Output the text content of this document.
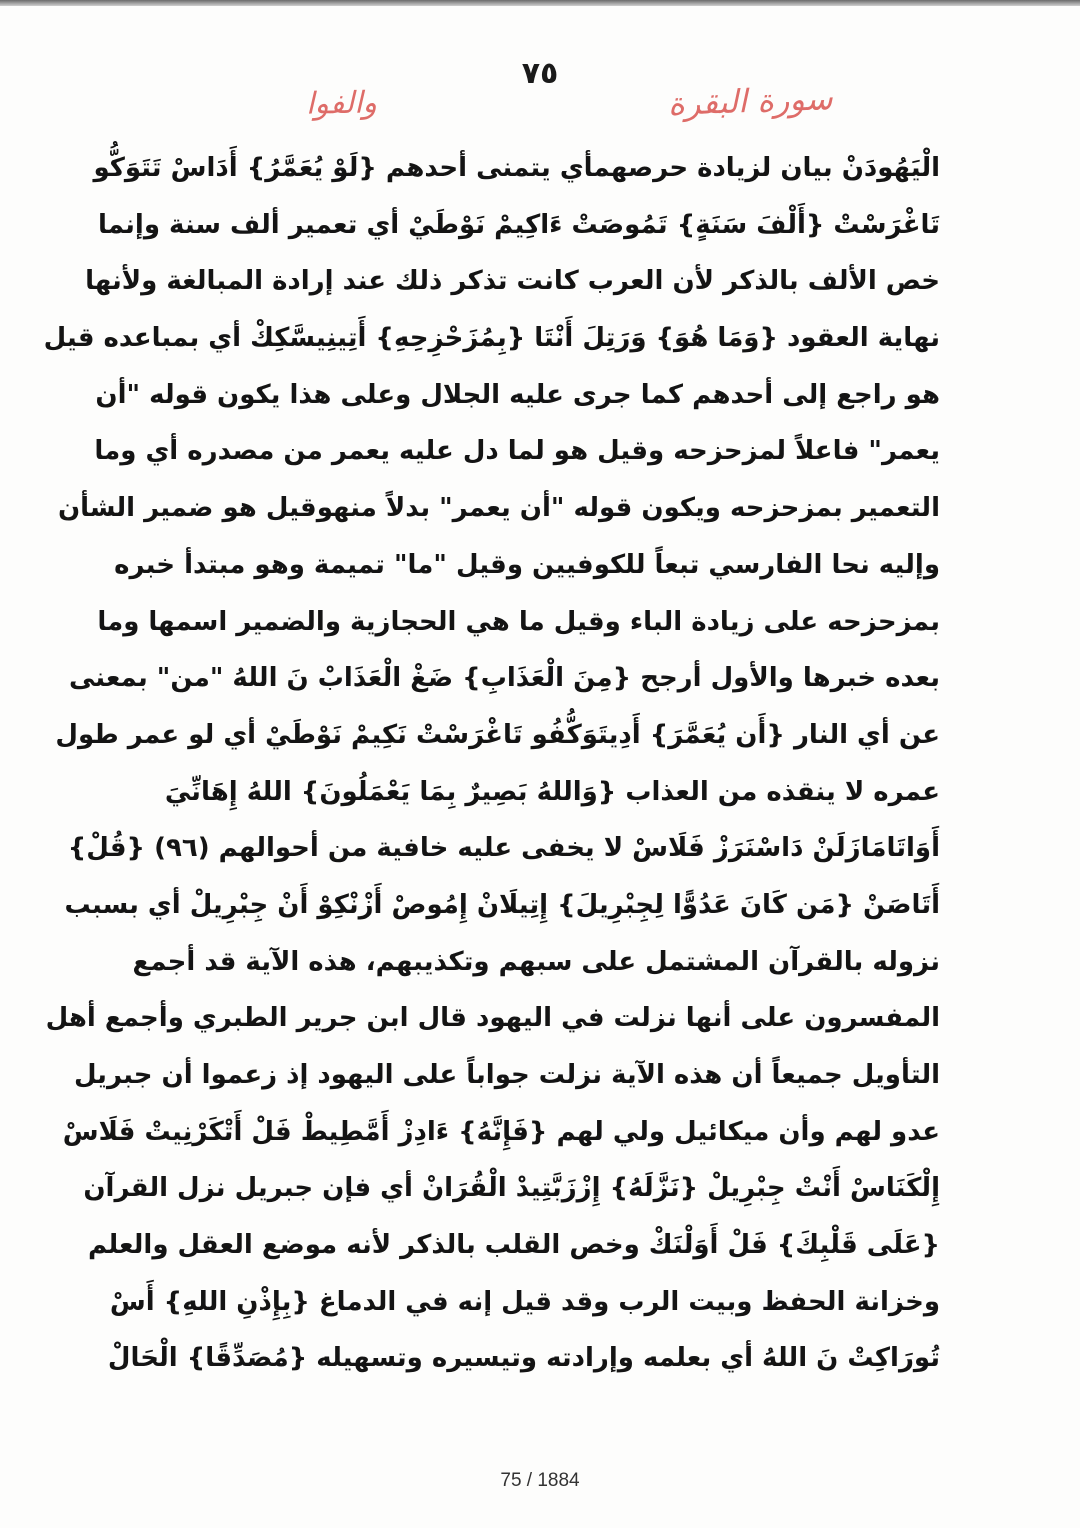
٧٥
سورة البقرة
والفوا
الْيَهُودَنْ بيان لزيادة حرصهمأي يتمنى أحدهم {لَوْ يُعَمَّرُ} أَدَاسْ تَتَوَكُّو
تَاغْرَسْتْ {أَلْفَ سَنَةٍ} تَمُوصَتْ ءَاكِيمْ نَوْطَيْ أي تعمير ألف سنة وإنما
خص الألف بالذكر لأن العرب كانت تذكر ذلك عند إرادة المبالغة ولأنها
نهاية العقود {وَمَا هُوَ} وَرَتِلَ أَنْتَا {بِمُزَحْزِحِهِ} أَتِينِيسَّكِكْ أي بمباعده قيل
هو راجع إلى أحدهم كما جرى عليه الجلال وعلى هذا يكون قوله "أن
يعمر" فاعلاً لمزحزحه وقيل هو لما دل عليه يعمر من مصدره أي وما
التعمير بمزحزحه ويكون قوله "أن يعمر" بدلاً منهوقيل هو ضمير الشأن
وإليه نحا الفارسي تبعاً للكوفيين وقيل "ما" تميمة وهو مبتدأ خبره
بمزحزحه على زيادة الباء وقيل ما هي الحجازية والضمير اسمها وما
بعده خبرها والأول أرجح {مِنَ الْعَذَابِ} ضَغْ الْعَذَابْ نَ اللهُ "من" بمعنى
عن أي النار {أَن يُعَمَّرَ} أَدِيتَوَكُّفُو تَاغْرَسْتْ نَكِيمْ نَوْطَيْ أي لو عمر طول
عمره لا ينقذه من العذاب {وَاللهُ بَصِيرٌ بِمَا يَعْمَلُونَ} اللهُ إِهَانِّيَ
أَوَاتَامَازَلَنْ دَاسْنَرَزْ فَلَاسْ لا يخفى عليه خافية من أحوالهم (٩٦) {قُلْ}
أَتَاصَنْ {مَن كَانَ عَدُوًّا لِجِبْرِيلَ} إِتِيلَانْ إِمُوصْ أَزْنْكِوْ أَنْ جِبْرِيلْ أي بسبب
نزوله بالقرآن المشتمل على سبهم وتكذيبهم، هذه الآية قد أجمع
المفسرون على أنها نزلت في اليهود قال ابن جرير الطبري وأجمع أهل
التأويل جميعاً أن هذه الآية نزلت جواباً على اليهود إذ زعموا أن جبريل
عدو لهم وأن ميكائيل ولي لهم {فَإِنَّهُ} ءَادِزْ أَمَّطِيطْ فَلْ أَتْكَرْنِيتْ فَلَاسْ
إِلْكَنَاسْ أَنْتْ جِبْرِيلْ {نَزَّلَهُ} إِزْزَبَّتِيدْ الْقُرَانْ أي فإن جبريل نزل القرآن
{عَلَى قَلْبِكَ} فَلْ أَوَلْنَكْ وخص القلب بالذكر لأنه موضع العقل والعلم
وخزانة الحفظ وبيت الرب وقد قيل إنه في الدماغ {بِإِذْنِ اللهِ} أَسْ
تُورَاكِتْ نَ اللهُ أي بعلمه وإرادته وتيسيره وتسهيله {مُصَدِّقًا} الْحَالْ
75 / 1884
